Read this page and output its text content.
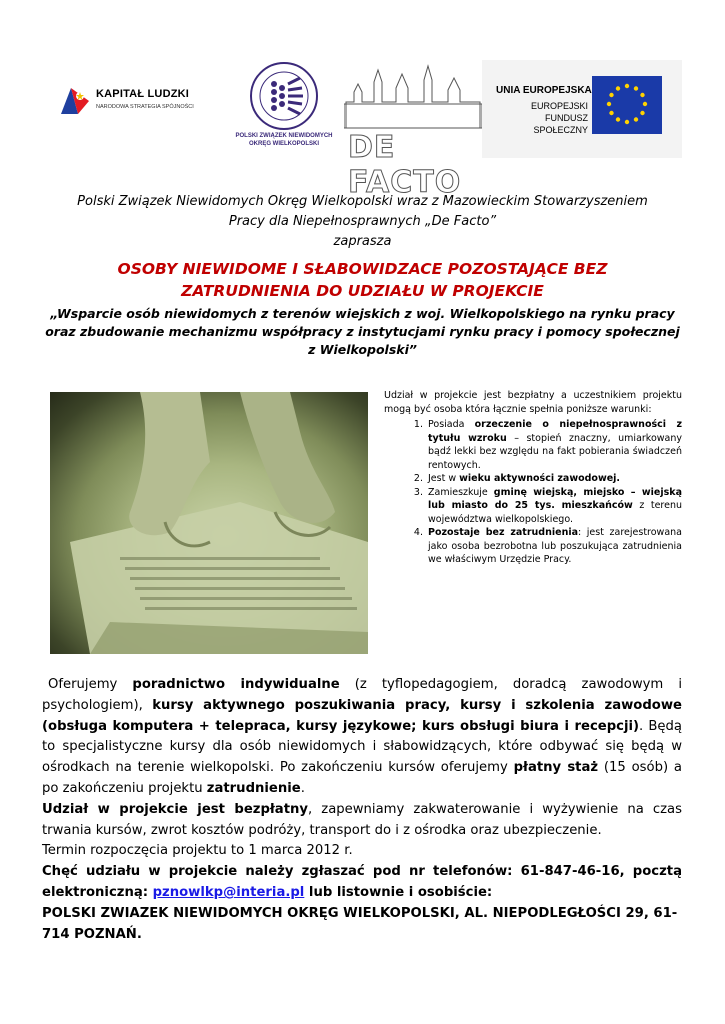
KAPITAŁ LUDZKI
NARODOWA STRATEGIA SPÓJNOŚCI
POLSKI ZWIĄZEK NIEWIDOMYCH
OKRĘG WIELKOPOLSKI DE FACTO
UNIA EUROPEJSKA
EUROPEJSKI
FUNDUSZ SPOŁECZNY
Polski Związek Niewidomych Okręg Wielkopolski wraz z Mazowieckim Stowarzyszeniem
Pracy dla Niepełnosprawnych „De Facto”
zaprasza
OSOBY NIEWIDOME I SŁABOWIDZACE POZOSTAJĄCE BEZ
ZATRUDNIENIA DO UDZIAŁU W PROJEKCIE
„Wsparcie osób niewidomych z terenów wiejskich z woj. Wielkopolskiego na rynku pracy
oraz zbudowanie mechanizmu współpracy z instytucjami rynku pracy i pomocy społecznej
z Wielkopolski”

Udział w projekcie jest bezpłatny a uczestnikiem projektu mogą być osoba która łącznie spełnia poniższe warunki:

1. Posiada orzeczenie o niepełnosprawności z tytułu wzroku – stopień znaczny, umiarkowany bądź lekki bez względu na fakt pobierania świadczeń rentowych.
2. Jest w wieku aktywności zawodowej.
3. Zamieszkuje gminę wiejską, miejsko – wiejską lub miasto do 25 tys. mieszkańców z terenu województwa wielkopolskiego.
4. Pozostaje bez zatrudnienia: jest zarejestrowana jako osoba bezrobotna lub poszukująca zatrudnienia we właściwym Urzędzie Pracy.

Oferujemy poradnictwo indywidualne (z tyflopedagogiem, doradcą zawodowym i psychologiem), kursy aktywnego poszukiwania pracy, kursy i szkolenia zawodowe (obsługa komputera + telepraca, kursy językowe; kurs obsługi biura i recepcji). Będą to specjalistyczne kursy dla osób niewidomych i słabowidzących, które odbywać się będą w ośrodkach na terenie wielkopolski. Po zakończeniu kursów oferujemy płatny staż (15 osób) a po zakończeniu projektu zatrudnienie.

Udział w projekcie jest bezpłatny, zapewniamy zakwaterowanie i wyżywienie na czas trwania kursów, zwrot kosztów podróży, transport do i z ośrodka oraz ubezpieczenie.

Termin rozpoczęcia projektu to 1 marca 2012 r.

Chęć udziału w projekcie należy zgłaszać pod nr telefonów: 61-847-46-16, pocztą elektroniczną: pznowlkp@interia.pl lub listownie i osobiście:

POLSKI ZWIAZEK NIEWIDOMYCH OKRĘG WIELKOPOLSKI, AL. NIEPODLEGŁOŚCI 29, 61-714 POZNAŃ.
